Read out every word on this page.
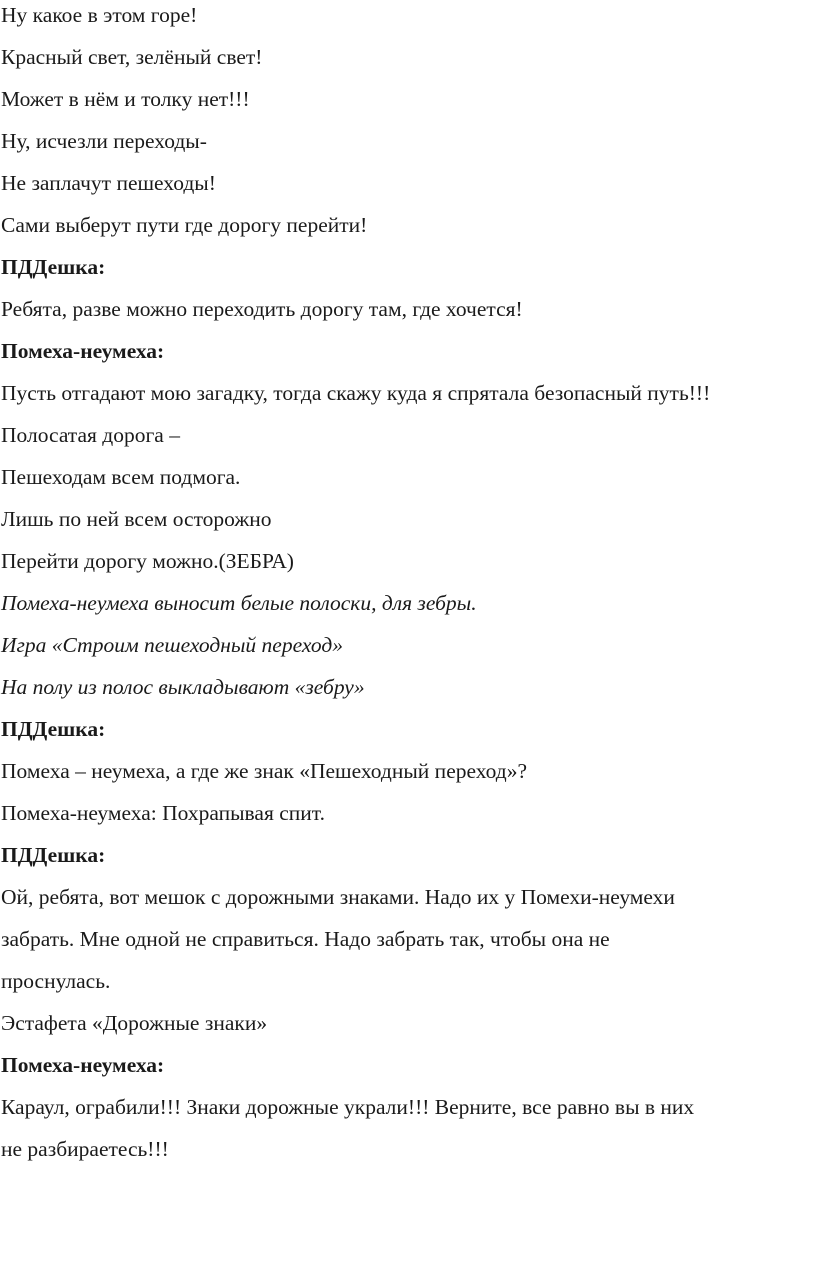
Ну какое в этом горе!
Красный свет, зелёный свет!
Может в нём и толку нет!!!
Ну, исчезли переходы-
Не заплачут пешеходы!
Сами выберут пути где дорогу перейти!
ПДДешка:
Ребята, разве можно переходить дорогу там, где хочется!
Помеха-неумеха:
Пусть отгадают мою загадку, тогда скажу куда я спрятала безопасный путь!!!
Полосатая дорога –
Пешеходам всем подмога.
Лишь по ней всем осторожно
Перейти дорогу можно.(ЗЕБРА)
Помеха-неумеха выносит белые полоски, для зебры.
Игра «Строим пешеходный переход»
На полу из полос выкладывают «зебру»
ПДДешка:
Помеха – неумеха, а где же знак «Пешеходный переход»?
Помеха-неумеха: Похрапывая спит.
ПДДешка:
Ой, ребята, вот мешок с дорожными знаками. Надо их у Помехи-неумехи
забрать. Мне одной не справиться. Надо забрать так, чтобы она не
проснулась.
Эстафета «Дорожные знаки»
Помеха-неумеха:
Караул, ограбили!!! Знаки дорожные украли!!! Верните, все равно вы в них
не разбираетесь!!!
